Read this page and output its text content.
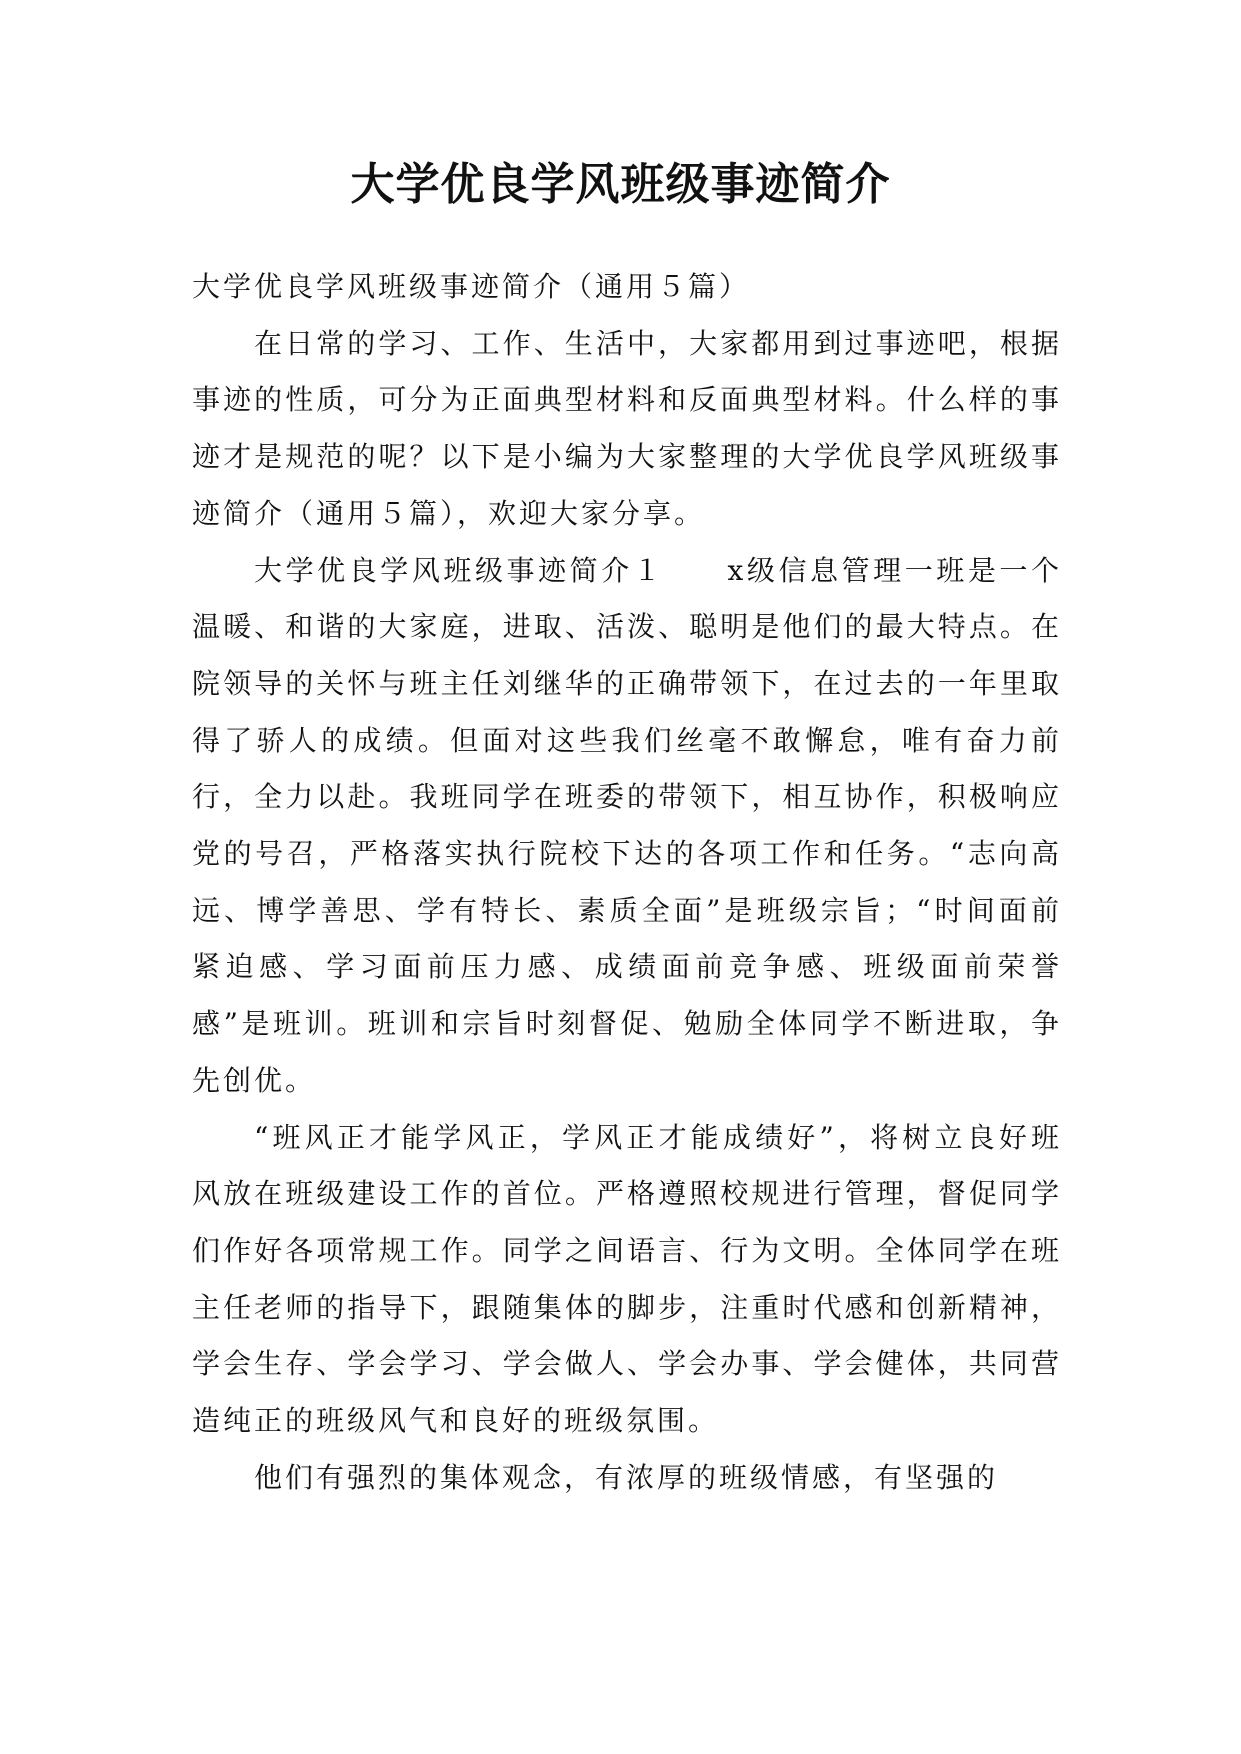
大学优良学风班级事迹简介

大学优良学风班级事迹简介（通用５篇）

在日常的学习、工作、生活中，大家都用到过事迹吧，根据事迹的性质，可分为正面典型材料和反面典型材料。什么样的事迹才是规范的呢？以下是小编为大家整理的大学优良学风班级事迹简介（通用５篇），欢迎大家分享。

大学优良学风班级事迹简介１　　x级信息管理一班是一个温暖、和谐的大家庭，进取、活泼、聪明是他们的最大特点。在院领导的关怀与班主任刘继华的正确带领下，在过去的一年里取得了骄人的成绩。但面对这些我们丝毫不敢懈怠，唯有奋力前行，全力以赴。我班同学在班委的带领下，相互协作，积极响应党的号召，严格落实执行院校下达的各项工作和任务。“志向高远、博学善思、学有特长、素质全面”是班级宗旨；“时间面前紧迫感、学习面前压力感、成绩面前竞争感、班级面前荣誉感”是班训。班训和宗旨时刻督促、勉励全体同学不断进取，争先创优。

“班风正才能学风正，学风正才能成绩好”，将树立良好班风放在班级建设工作的首位。严格遵照校规进行管理，督促同学们作好各项常规工作。同学之间语言、行为文明。全体同学在班主任老师的指导下，跟随集体的脚步，注重时代感和创新精神，学会生存、学会学习、学会做人、学会办事、学会健体，共同营造纯正的班级风气和良好的班级氛围。

他们有强烈的集体观念，有浓厚的班级情感，有坚强的
